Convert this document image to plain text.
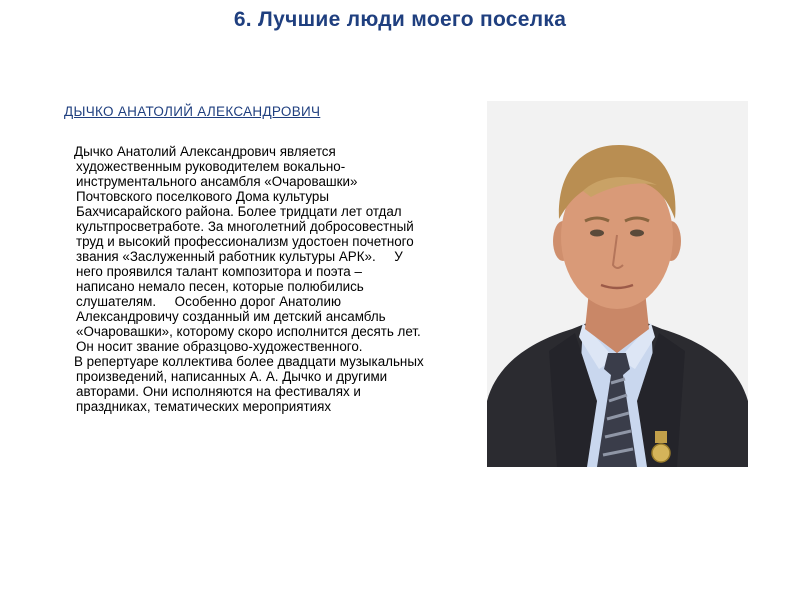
6. Лучшие люди моего поселка
ДЫЧКО АНАТОЛИЙ АЛЕКСАНДРОВИЧ

Дычко Анатолий Александрович является художественным руководителем вокально-инструментального ансамбля «Очаровашки» Почтовского поселкового Дома культуры Бахчисарайского района. Более тридцати лет отдал культпросветработе. За многолетний добросовестный труд и высокий профессионализм удостоен почетного звания «Заслуженный работник культуры АРК».     У него проявился талант композитора и поэта – написано немало песен, которые полюбились слушателям.     Особенно дорог Анатолию Александровичу созданный им детский ансамбль «Очаровашки», которому скоро исполнится десять лет. Он носит звание образцово-художественного.

В репертуаре коллектива более двадцати музыкальных произведений, написанных А. А. Дычко и другими авторами. Они исполняются на фестивалях и праздниках, тематических мероприятиях
